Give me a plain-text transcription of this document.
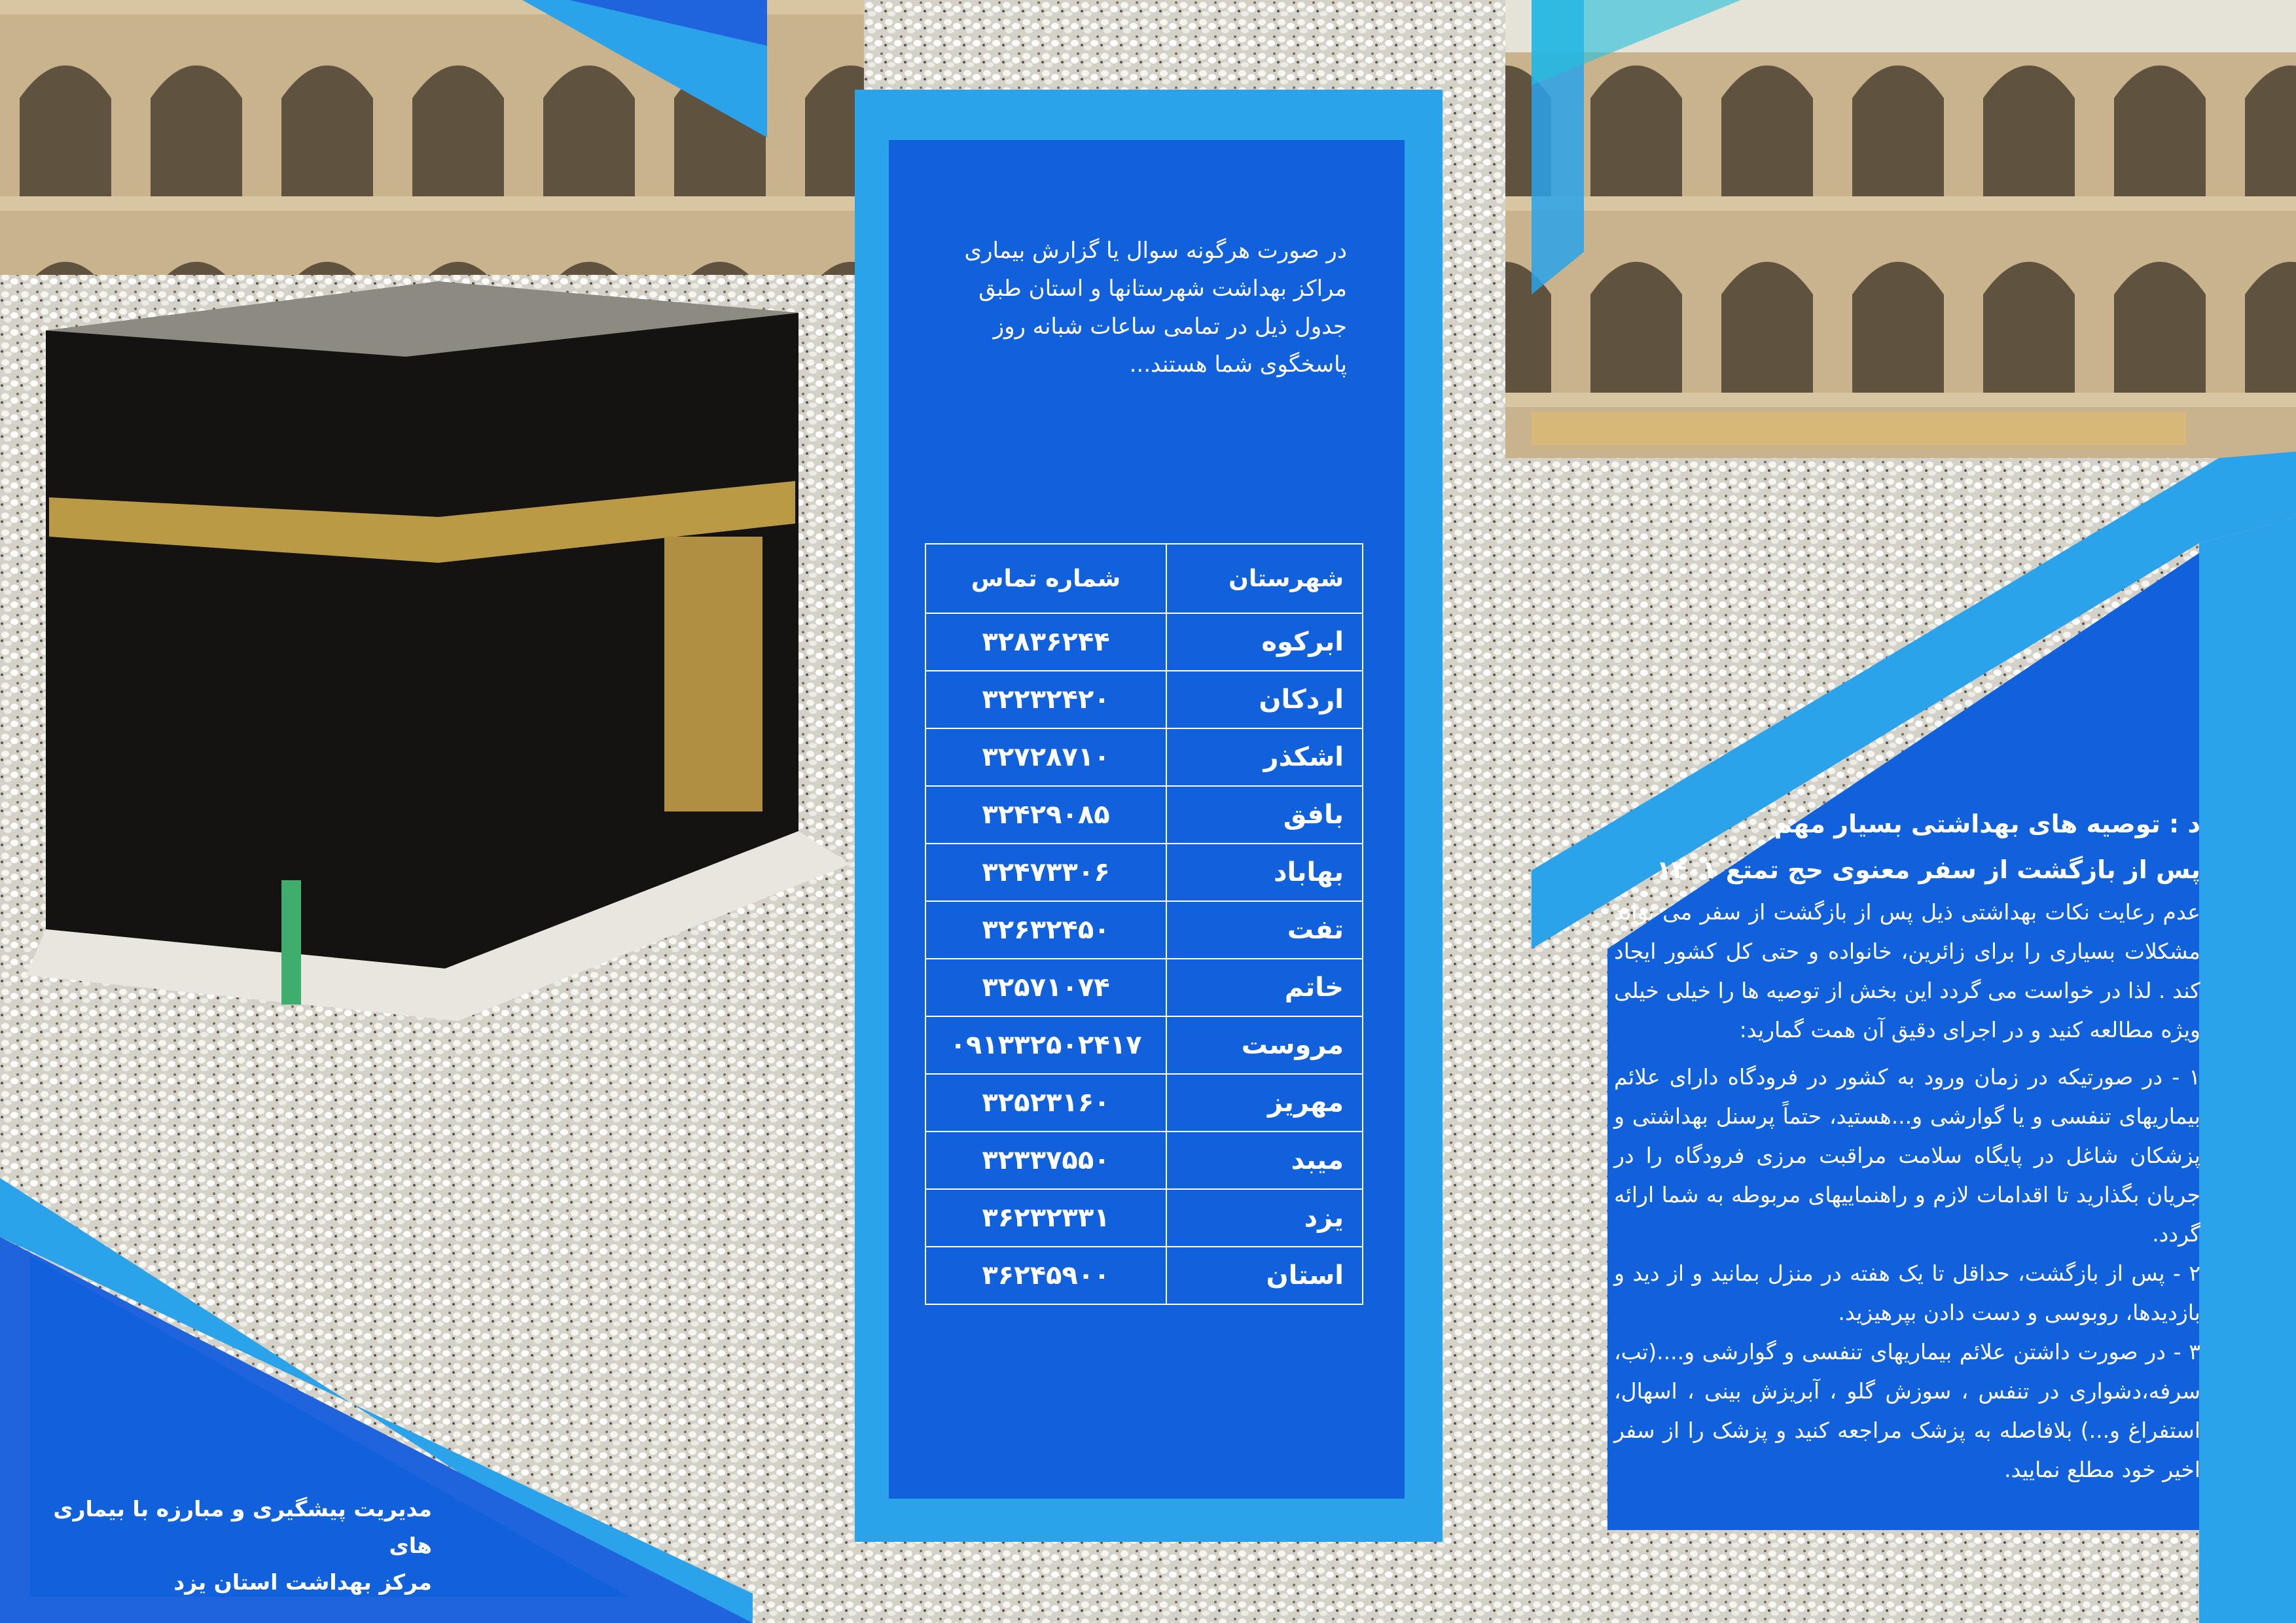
در صورت هرگونه سوال یا گزارش بیماری مراکز بهداشت شهرستانها و استان طبق جدول ذیل در تمامی ساعات شبانه روز پاسخگوی شما هستند...

شهرستان	شماره تماس
ابرکوه	۳۲۸۳۶۲۴۴
اردکان	۳۲۲۳۲۴۲۰
اشکذر	۳۲۷۲۸۷۱۰
بافق	۳۲۴۲۹۰۸۵
بهاباد	۳۲۴۷۳۳۰۶
تفت	۳۲۶۳۲۴۵۰
خاتم	۳۲۵۷۱۰۷۴
مروست	۰۹۱۳۳۲۵۰۲۴۱۷
مهریز	۳۲۵۲۳۱۶۰
میبد	۳۲۳۳۷۵۵۰
یزد	۳۶۲۳۲۳۳۱
استان	۳۶۲۴۵۹۰۰

د : توصیه های بهداشتی بسیار مهم

پس از بازگشت از سفر معنوی حج تمتع ۱۴۰۱

عدم رعایت نکات بهداشتی ذیل پس از بازگشت از سفر می تواند مشکلات بسیاری را برای زائرین، خانواده و حتی کل کشور ایجاد کند . لذا در خواست می گردد این بخش از توصیه ها را خیلی خیلی ویژه مطالعه کنید و در اجرای دقیق آن همت گمارید:

۱ - در صورتیکه در زمان ورود به کشور در فرودگاه دارای علائم بیماریهای تنفسی و یا گوارشی و...هستید، حتماً پرسنل بهداشتی و پزشکان شاغل در پایگاه سلامت مراقبت مرزی فرودگاه را در جریان بگذارید تا اقدامات لازم و راهنماییهای مربوطه به شما ارائه گردد.

۲ - پس از بازگشت، حداقل تا یک هفته در منزل بمانید و از دید و بازدیدها، روبوسی و دست دادن بپرهیزید.

۳ - در صورت داشتن علائم بیماریهای تنفسی و گوارشی و....(تب، سرفه،دشواری در تنفس ، سوزش گلو ، آبریزش بینی ، اسهال، استفراغ و...) بلافاصله به پزشک مراجعه کنید و پزشک را از سفر اخیر خود مطلع نمایید.

مدیریت پیشگیری و مبارزه با بیماری های
مرکز بهداشت استان یزد
